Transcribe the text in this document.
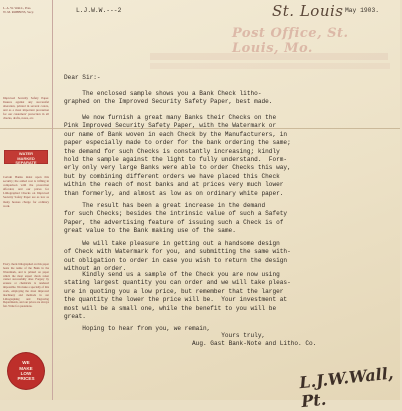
L. A. W. WALL, Pres.
W. M. ROBBINS, Secy.
Improved Security Safety Paper. Insures against any successful alteration, printed in several colors, and as a most important precaution for our customers' protection in all checks, drafts, notes, etc.
WATER
MARKED
SEPARATE
Certain Banks insist upon this security; the added cost is trifling in comparison with the protection afforded, and our prices for Lithographed Checks on Improved Security Safety Paper are as low as many houses charge for ordinary work.
Every check lithographed on this paper bears the name of the Bank in the Watermark, and is printed on paper which the most expert check raiser cannot successfully alter. Forgery by erasure or chemicals is rendered impossible. We make a specialty of this work, employing the most improved machinery and methods in our Lithographing and Engraving Departments, and our prices are always fair. Write for quotations.
WE
MAKE
LOW
PRICES
L.J.W.W.---2	St. Louis May 1903.
Post Office, St. Louis, Mo.
Dear Sir:-
The enclosed sample shows you a Bank Check litho-
graphed on the Improved Security Safety Paper, best made.
We now furnish a great many Banks their Checks on the
Pink Improved Security Safety Paper, with the Watermark or
our name of Bank woven in each Check by the Manufacturers, in
paper especially made to order for the bank ordering the same;
the demand for such Checks is constantly increasing; kindly
hold the sample against the light to fully understand.  Form-
erly only very large Banks were able to order Checks this way,
but by combining different orders we have placed this Check
within the reach of most banks and at prices very much lower
than formerly, and almost as low as on ordinary white paper.
The result has been a great increase in the demand
for such Checks; besides the intrinsic value of such a Safety
Paper, the advertising feature of issuing such a Check is of
great value to the Bank making use of the same.
We will take pleasure in getting out a handsome design
of Check with Watermark for you, and submitting the same with-
out obligation to order in case you wish to return the design
without an order.
Kindly send us a sample of the Check you are now using
stating largest quantity you can order and we will take pleas-
ure in quoting you a low price, but remember that the larger
the quantity the lower the price will be.  Your investment at
most will be a small one, while the benefit to you will be
great.
Hoping to hear from you, we remain,
Yours truly,
Aug. Gast Bank-Note and Litho. Co.
L.J.W.Wall, Pt.
